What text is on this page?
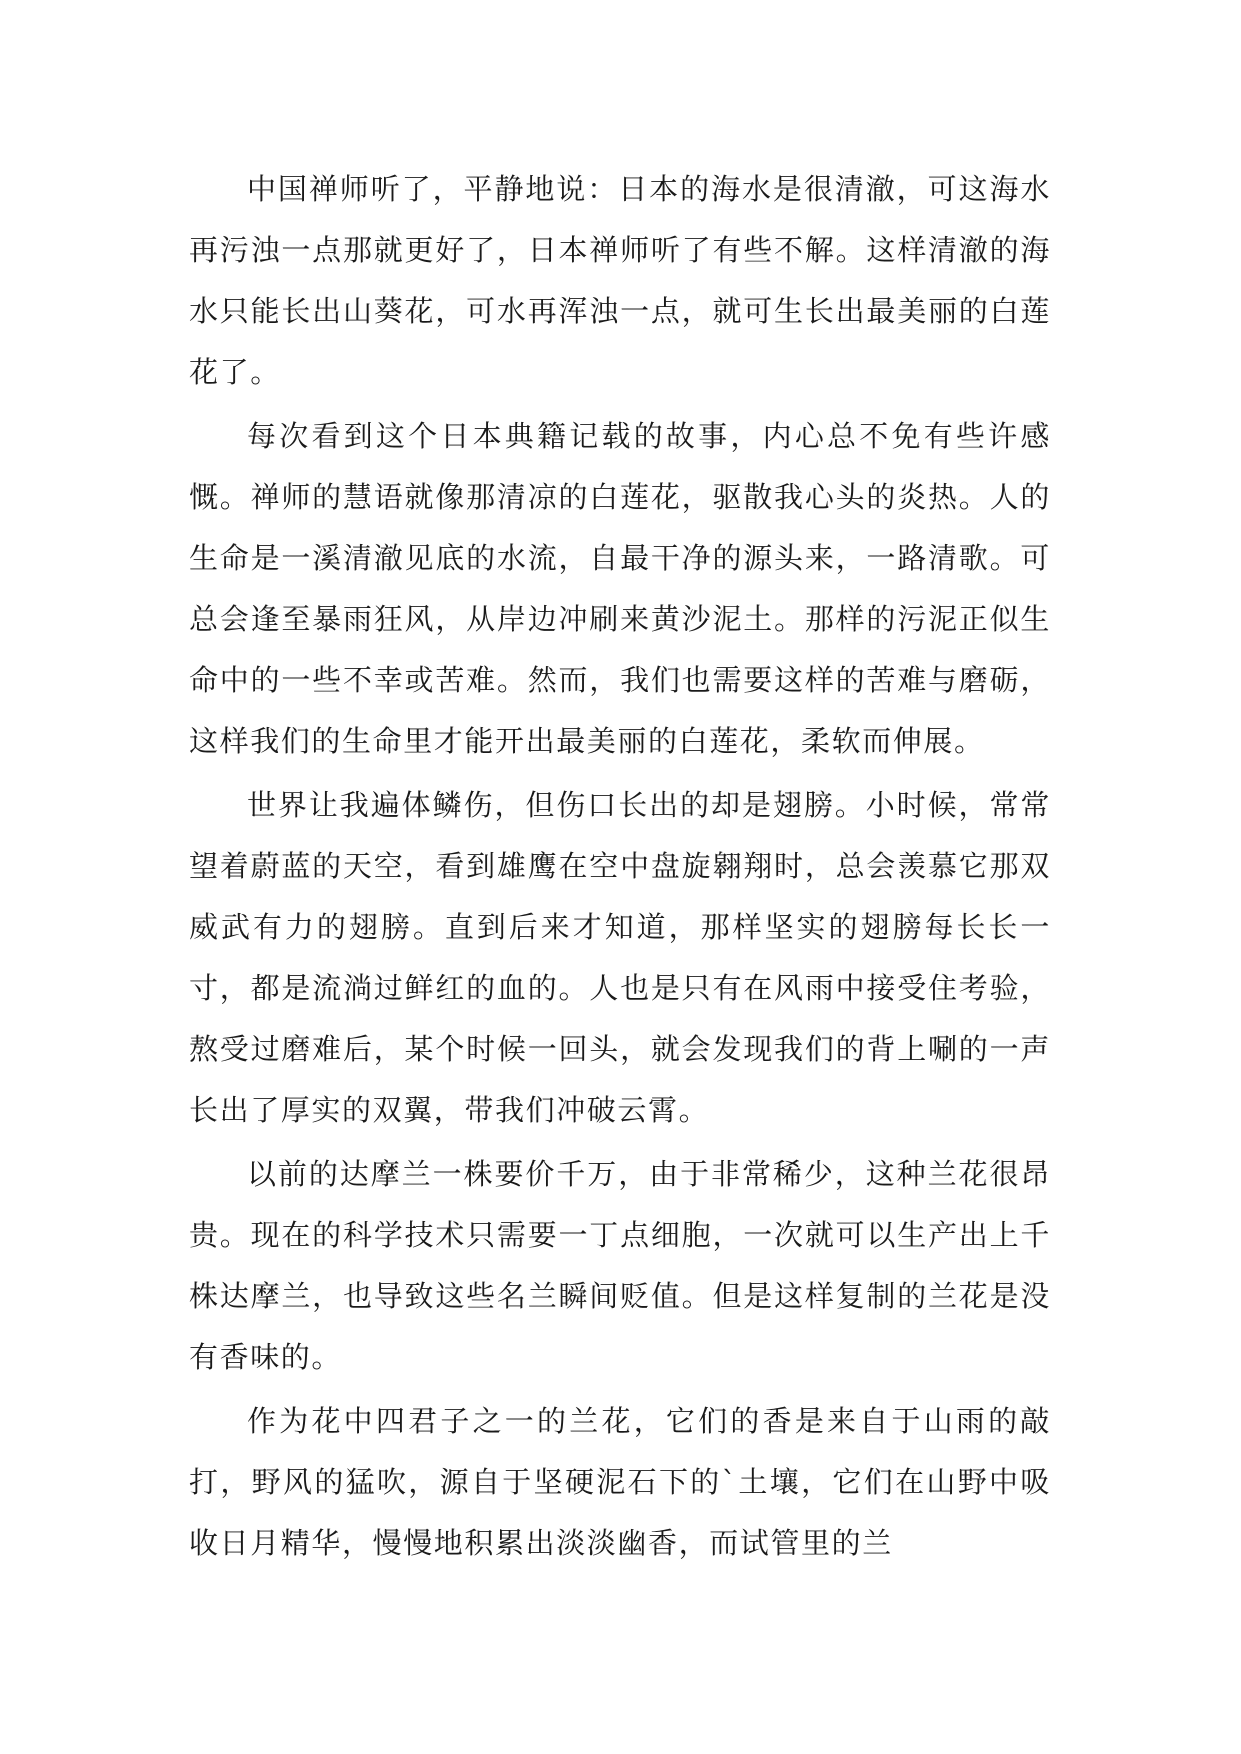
中国禅师听了，平静地说：日本的海水是很清澈，可这海水再污浊一点那就更好了，日本禅师听了有些不解。这样清澈的海水只能长出山葵花，可水再浑浊一点，就可生长出最美丽的白莲花了。

每次看到这个日本典籍记载的故事，内心总不免有些许感慨。禅师的慧语就像那清凉的白莲花，驱散我心头的炎热。人的生命是一溪清澈见底的水流，自最干净的源头来，一路清歌。可总会逢至暴雨狂风，从岸边冲刷来黄沙泥土。那样的污泥正似生命中的一些不幸或苦难。然而，我们也需要这样的苦难与磨砺，这样我们的生命里才能开出最美丽的白莲花，柔软而伸展。

世界让我遍体鳞伤，但伤口长出的却是翅膀。小时候，常常望着蔚蓝的天空，看到雄鹰在空中盘旋翱翔时，总会羡慕它那双威武有力的翅膀。直到后来才知道，那样坚实的翅膀每长长一寸，都是流淌过鲜红的血的。人也是只有在风雨中接受住考验，熬受过磨难后，某个时候一回头，就会发现我们的背上唰的一声长出了厚实的双翼，带我们冲破云霄。

以前的达摩兰一株要价千万，由于非常稀少，这种兰花很昂贵。现在的科学技术只需要一丁点细胞，一次就可以生产出上千株达摩兰，也导致这些名兰瞬间贬值。但是这样复制的兰花是没有香味的。

作为花中四君子之一的兰花，它们的香是来自于山雨的敲打，野风的猛吹，源自于坚硬泥石下的`土壤，它们在山野中吸收日月精华，慢慢地积累出淡淡幽香，而试管里的兰
